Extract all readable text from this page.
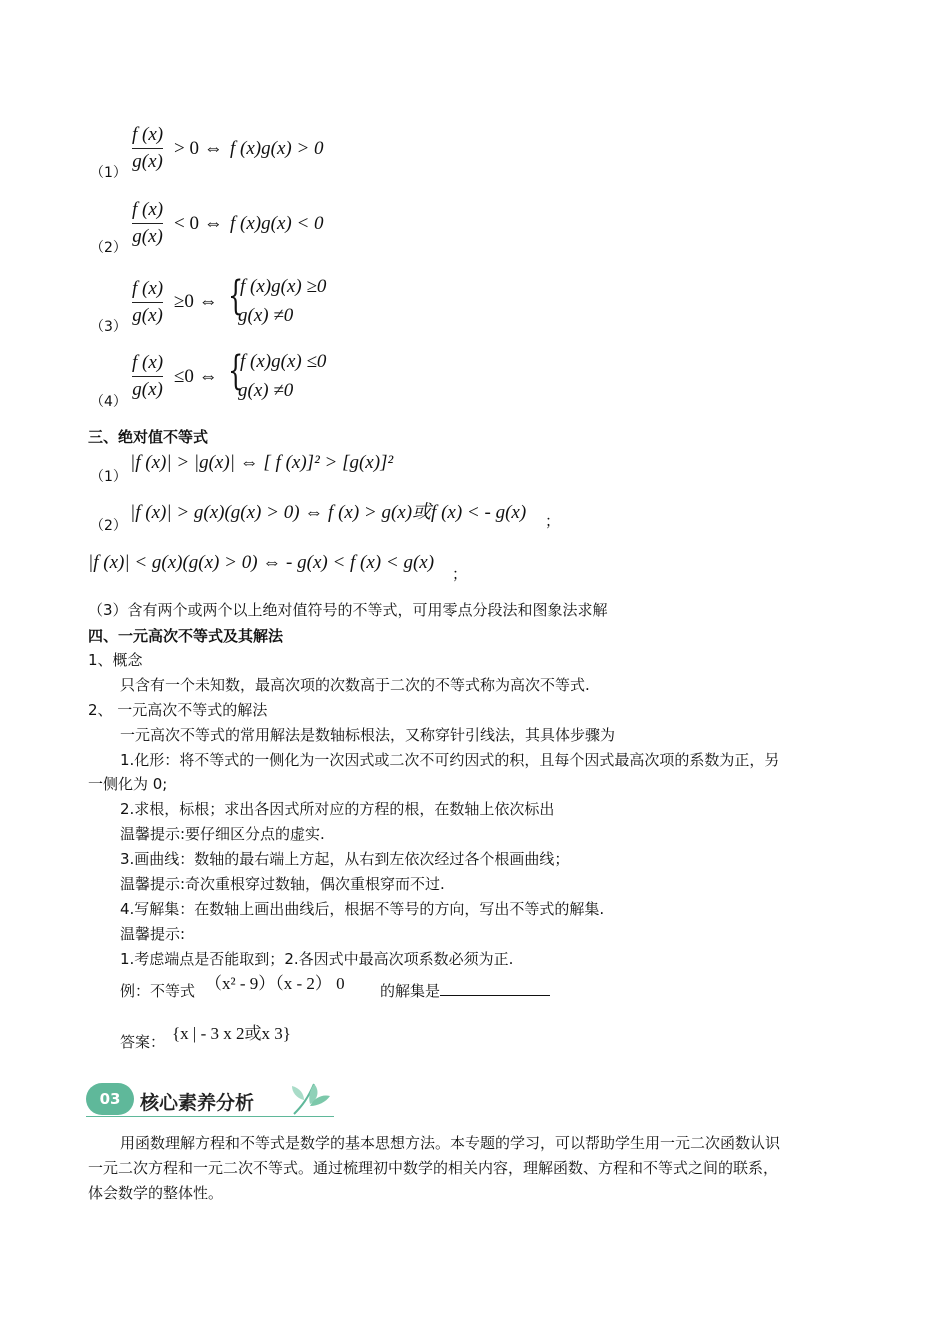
（1）
f (x)
g(x)
> 0 ⇔ f (x)g(x) > 0
（2）
f (x)
g(x)
< 0 ⇔ f (x)g(x) < 0
（3）
f (x)
g(x)
≥0 ⇔ {
f (x)g(x) ≥0
g(x) ≠0
（4）
f (x)
g(x)
≤0 ⇔ {
f (x)g(x) ≤0
g(x) ≠0
三、绝对值不等式
（1）
|f (x)| > |g(x)| ⇔ [ f (x)]² > [g(x)]²
（2）
|f (x)| > g(x)(g(x) > 0) ⇔ f (x) > g(x)或f (x) < - g(x) ；
|f (x)| < g(x)(g(x) > 0) ⇔ - g(x) < f (x) < g(x)
；
（3）含有两个或两个以上绝对值符号的不等式，可用零点分段法和图象法求解
四、一元高次不等式及其解法
1、概念
只含有一个未知数，最高次项的次数高于二次的不等式称为高次不等式.
2、 一元高次不等式的解法
一元高次不等式的常用解法是数轴标根法，又称穿针引线法，其具体步骤为
1.化形：将不等式的一侧化为一次因式或二次不可约因式的积，且每个因式最高次项的系数为正，另
一侧化为 0;
2.求根，标根；求出各因式所对应的方程的根，在数轴上依次标出
温馨提示:要仔细区分点的虚实.
3.画曲线：数轴的最右端上方起，从右到左依次经过各个根画曲线；
温馨提示:奇次重根穿过数轴，偶次重根穿而不过.
4.写解集：在数轴上画出曲线后，根据不等号的方向，写出不等式的解集.
温馨提示:
1.考虑端点是否能取到；2.各因式中最高次项系数必须为正.
例：不等式 （x² - 9）（x - 2） 0 的解集是
答案： {x | - 3 x 2或x 3}
03	核心素养分析
用函数理解方程和不等式是数学的基本思想方法。本专题的学习，可以帮助学生用一元二次函数认识
一元二次方程和一元二次不等式。通过梳理初中数学的相关内容，理解函数、方程和不等式之间的联系，
体会数学的整体性。
